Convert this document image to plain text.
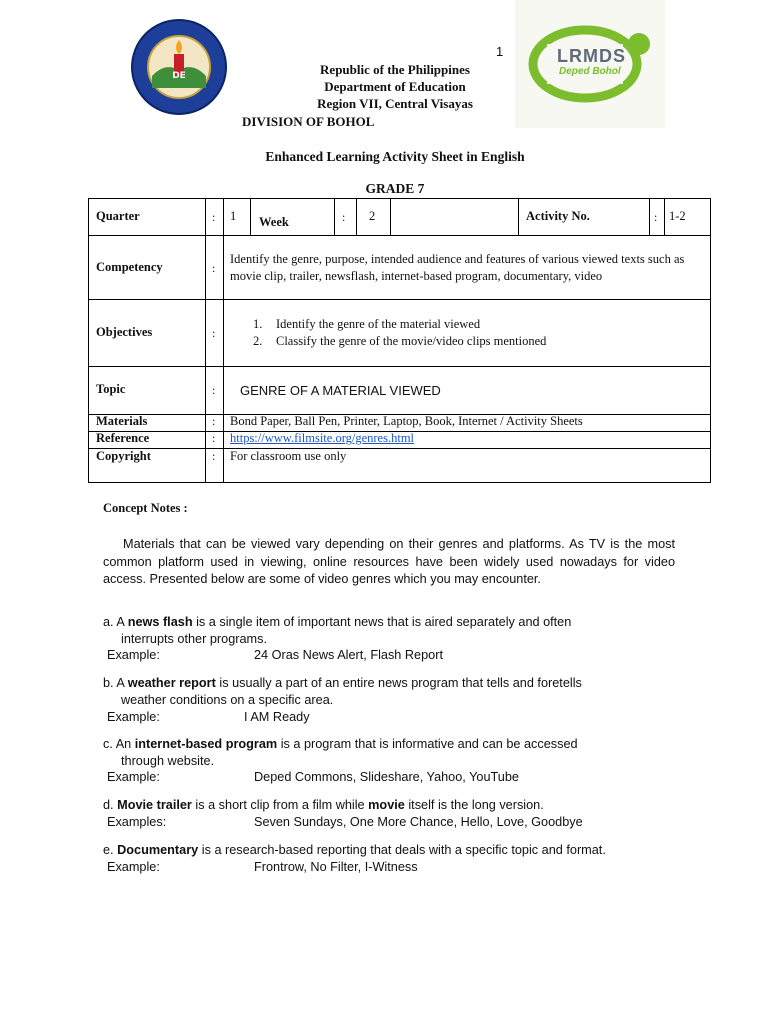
DE
LRMDS
Deped Bohol
1
Republic of the Philippines
Department of Education
Region VII, Central Visayas
DIVISION OF BOHOL
Enhanced Learning Activity Sheet in English
GRADE 7
Quarter	: 1 Week	: 2	Activity No.	: 1-2
Competency	:
Identify the genre, purpose, intended audience and features of various viewed texts such as movie clip, trailer, newsflash, internet-based program, documentary, video
Objectives	:
1. Identify the genre of the material viewed
2. Classify the genre of the movie/video clips mentioned
Topic	: GENRE OF A MATERIAL VIEWED
Materials	: Bond Paper, Ball Pen, Printer, Laptop, Book, Internet / Activity Sheets
Reference	: https://www.filmsite.org/genres.html
Copyright	: For classroom use only
Concept Notes :
Materials that can be viewed vary depending on their genres and platforms. As TV is the most common platform used in viewing, online resources have been widely used nowadays for video access. Presented below are some of video genres which you may encounter.
a. A news flash is a single item of important news that is aired separately and often
interrupts other programs.
Example:	24 Oras News Alert, Flash Report
b. A weather report is usually a part of an entire news program that tells and foretells
weather conditions on a specific area.
Example:	I AM Ready
c. An internet-based program is a program that is informative and can be accessed
through website.
Example:	Deped Commons, Slideshare, Yahoo, YouTube
d. Movie trailer is a short clip from a film while movie itself is the long version.
Examples:	Seven Sundays, One More Chance, Hello, Love, Goodbye
e. Documentary is a research-based reporting that deals with a specific topic and format.
Example:	Frontrow, No Filter, I-Witness
